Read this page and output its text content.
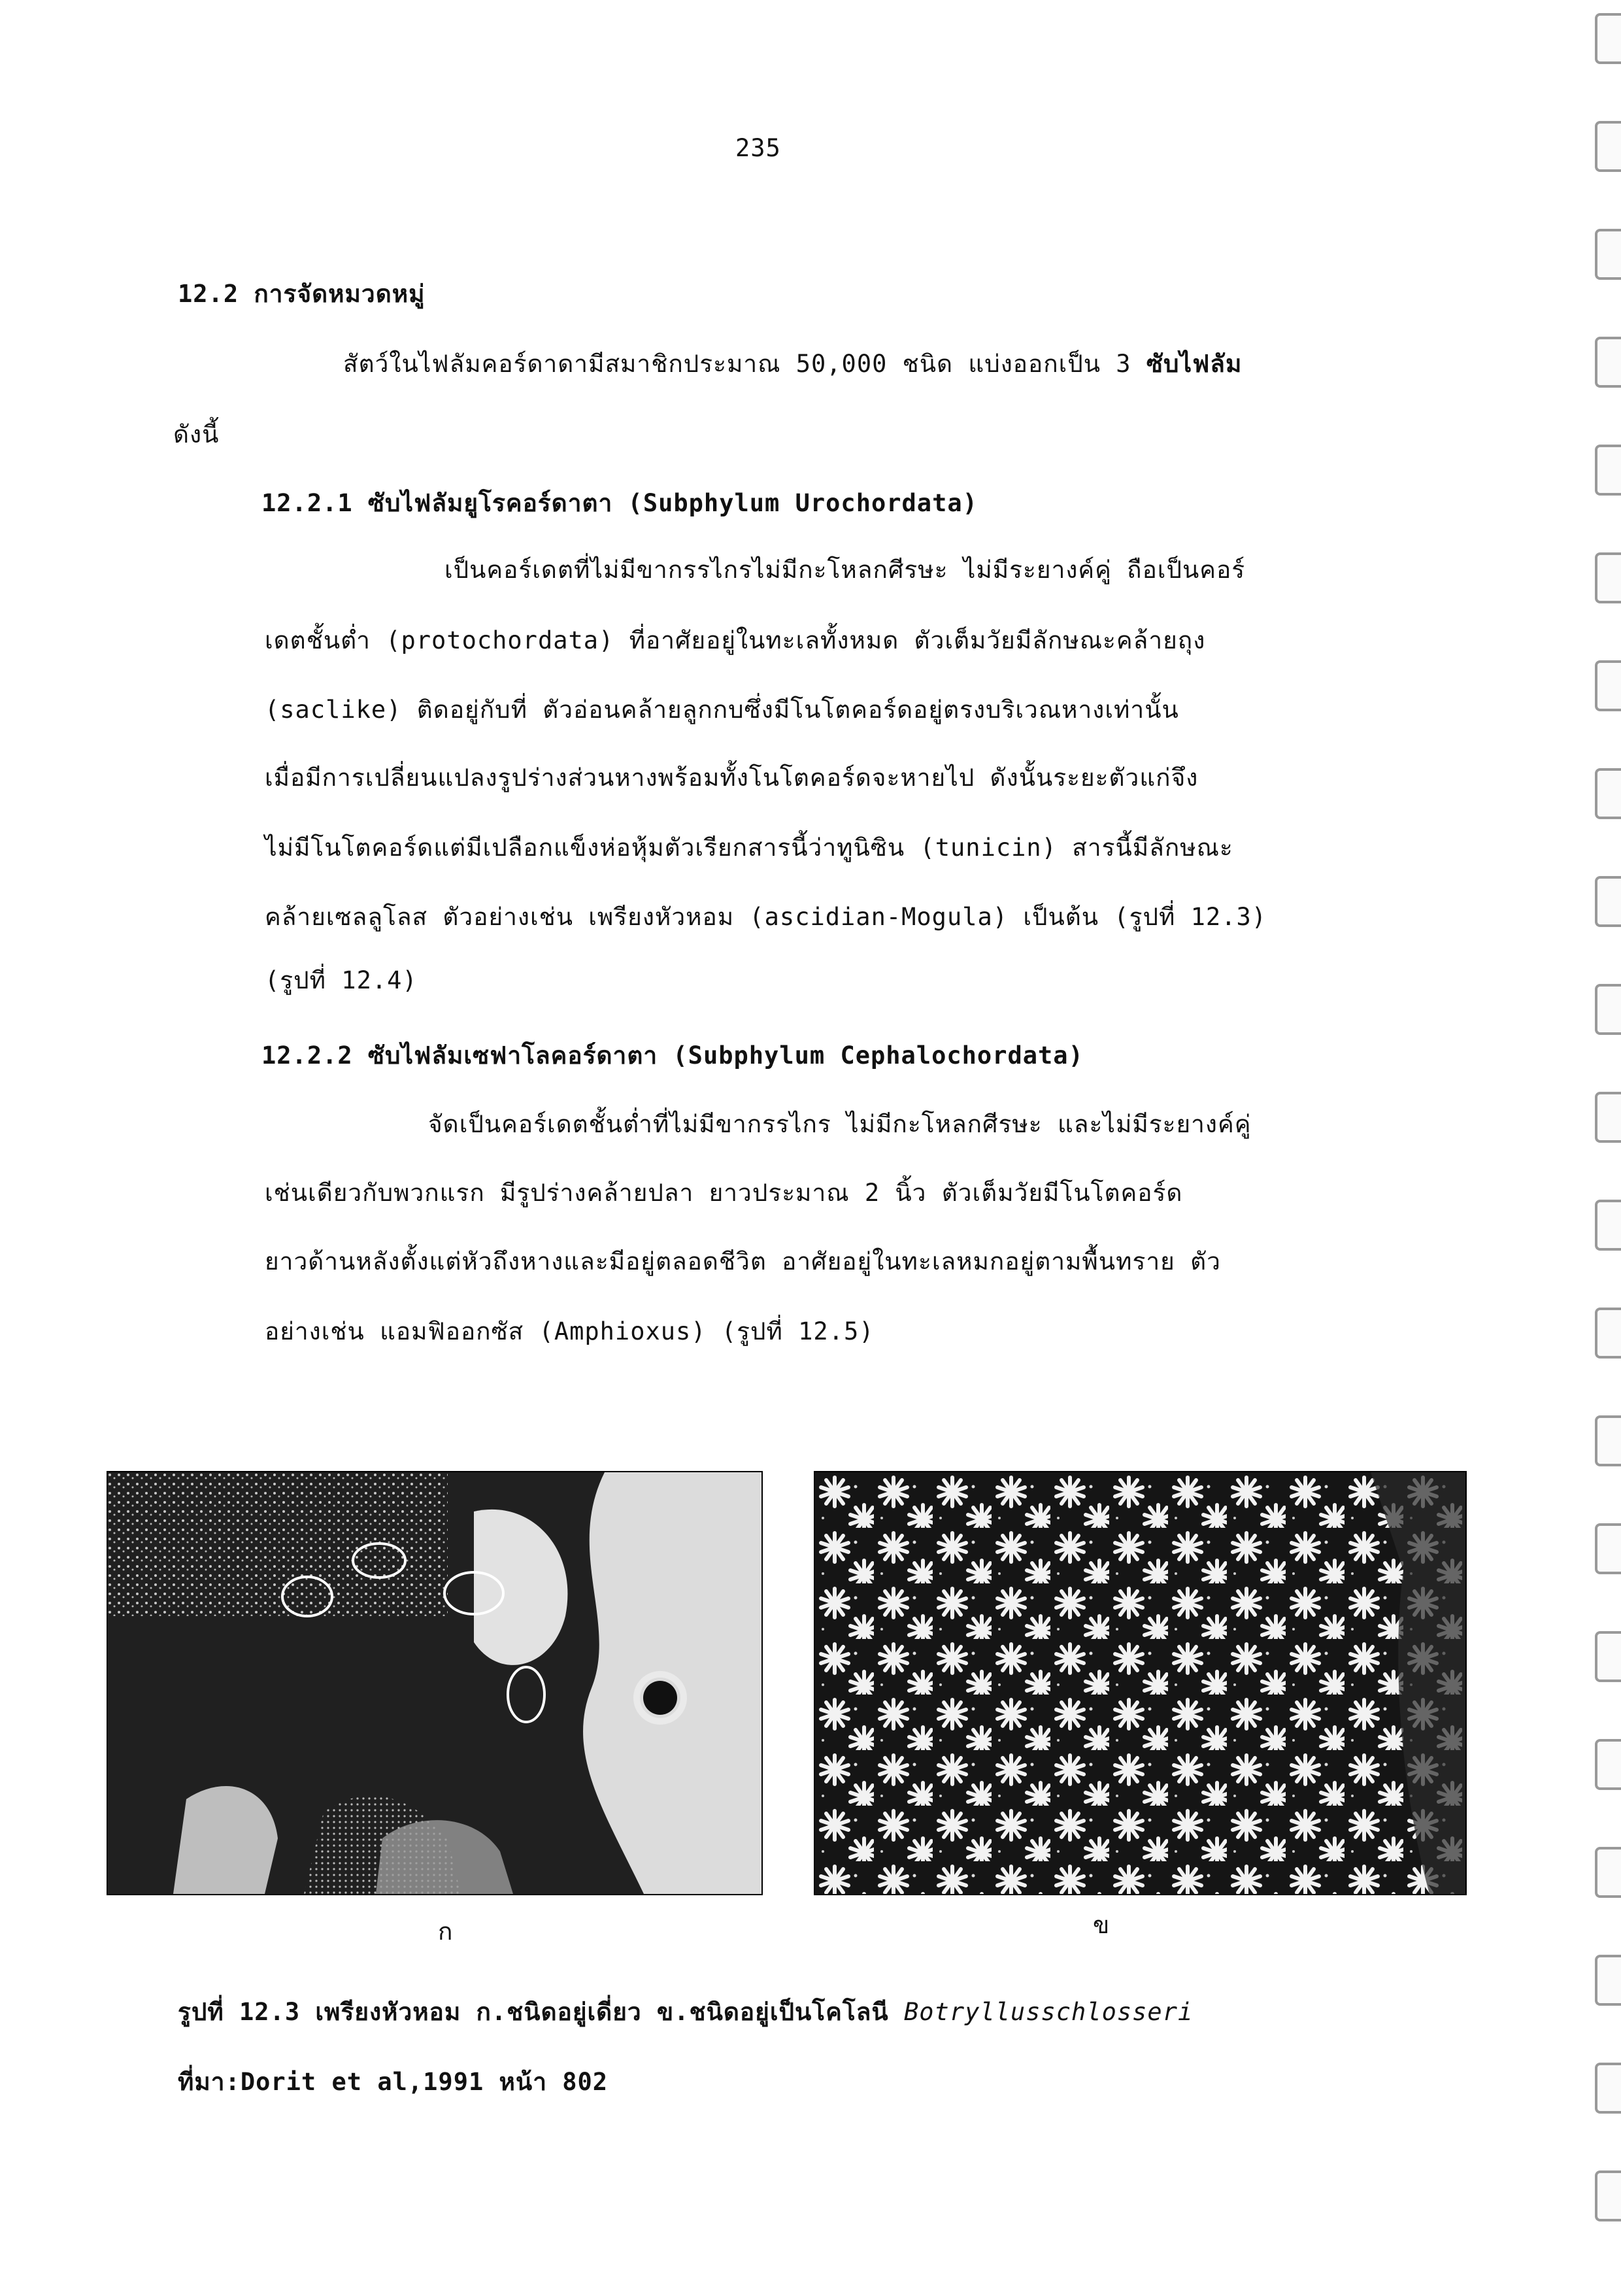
235
12.2 การจัดหมวดหมู่
สัตว์ในไฟลัมคอร์ดาดามีสมาชิกประมาณ 50,000 ชนิด แบ่งออกเป็น 3 ซับไฟลัม
ดังนี้
12.2.1 ซับไฟลัมยูโรคอร์ดาตา (Subphylum Urochordata)
เป็นคอร์เดตที่ไม่มีขากรรไกรไม่มีกะโหลกศีรษะ ไม่มีระยางค์คู่ ถือเป็นคอร์
เดตชั้นต่ำ (protochordata) ที่อาศัยอยู่ในทะเลทั้งหมด ตัวเต็มวัยมีลักษณะคล้ายถุง
(saclike) ติดอยู่กับที่ ตัวอ่อนคล้ายลูกกบซึ่งมีโนโตคอร์ดอยู่ตรงบริเวณหางเท่านั้น
เมื่อมีการเปลี่ยนแปลงรูปร่างส่วนหางพร้อมทั้งโนโตคอร์ดจะหายไป ดังนั้นระยะตัวแก่จึง
ไม่มีโนโตคอร์ดแต่มีเปลือกแข็งห่อหุ้มตัวเรียกสารนี้ว่าทูนิซิน (tunicin) สารนี้มีลักษณะ
คล้ายเซลลูโลส ตัวอย่างเช่น เพรียงหัวหอม (ascidian-Mogula) เป็นต้น (รูปที่ 12.3)
(รูปที่ 12.4)
12.2.2 ซับไฟลัมเซฟาโลคอร์ดาตา (Subphylum Cephalochordata)
จัดเป็นคอร์เดตชั้นต่ำที่ไม่มีขากรรไกร ไม่มีกะโหลกศีรษะ และไม่มีระยางค์คู่
เช่นเดียวกับพวกแรก มีรูปร่างคล้ายปลา ยาวประมาณ 2 นิ้ว ตัวเต็มวัยมีโนโตคอร์ด
ยาวด้านหลังตั้งแต่หัวถึงหางและมีอยู่ตลอดชีวิต อาศัยอยู่ในทะเลหมกอยู่ตามพื้นทราย ตัว
อย่างเช่น แอมฟิออกซัส (Amphioxus) (รูปที่ 12.5)
ก	ข
รูปที่ 12.3 เพรียงหัวหอม ก.ชนิดอยู่เดี่ยว ข.ชนิดอยู่เป็นโคโลนี Botryllusschlosseri
ที่มา:Dorit et al,1991 หน้า 802
